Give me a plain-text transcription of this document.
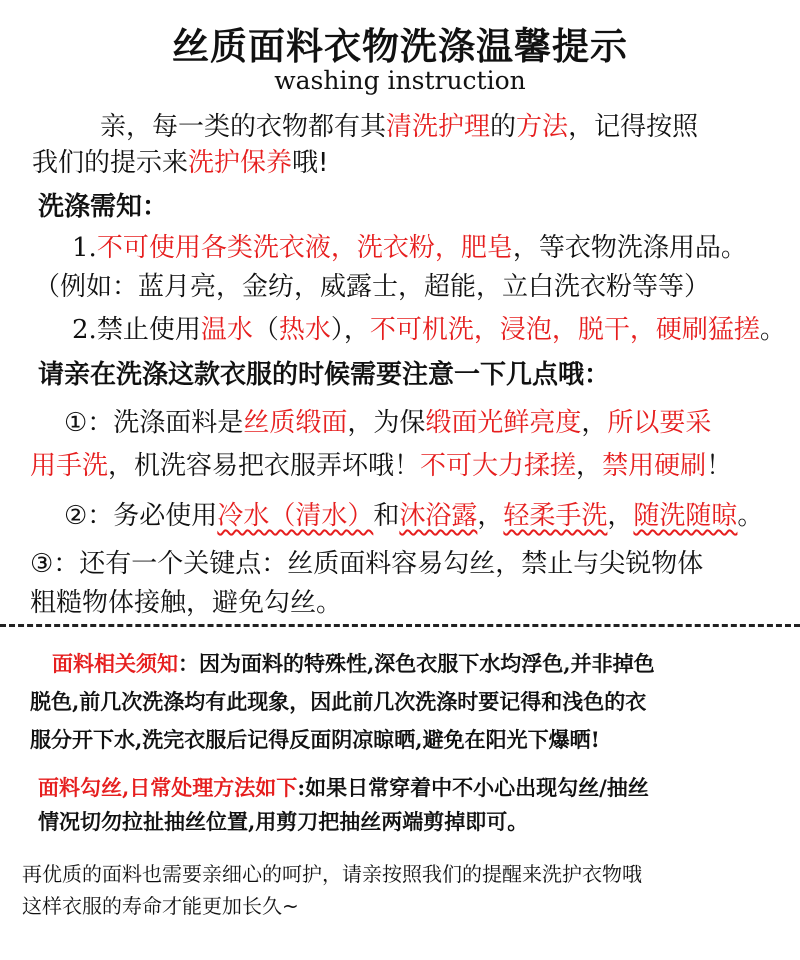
丝质面料衣物洗涤温馨提示
washing instruction
亲，每一类的衣物都有其清洗护理的方法，记得按照
我们的提示来洗护保养哦!
洗涤需知：
1.不可使用各类洗衣液，洗衣粉，肥皂，等衣物洗涤用品。
（例如：蓝月亮，金纺，威露士，超能，立白洗衣粉等等）
2.禁止使用温水（热水），不可机洗，浸泡，脱干，硬刷猛搓。
请亲在洗涤这款衣服的时候需要注意一下几点哦：
①：洗涤面料是丝质缎面，为保缎面光鲜亮度，所以要采
用手洗，机洗容易把衣服弄坏哦！不可大力揉搓，禁用硬刷！
②：务必使用冷水（清水）和沐浴露，轻柔手洗，随洗随晾。
③：还有一个关键点：丝质面料容易勾丝，禁止与尖锐物体
粗糙物体接触，避免勾丝。
面料相关须知：因为面料的特殊性,深色衣服下水均浮色,并非掉色
脱色,前几次洗涤均有此现象，因此前几次洗涤时要记得和浅色的衣
服分开下水,洗完衣服后记得反面阴凉晾晒,避免在阳光下爆晒!
面料勾丝,日常处理方法如下:如果日常穿着中不小心出现勾丝/抽丝
情况切勿拉扯抽丝位置,用剪刀把抽丝两端剪掉即可。
再优质的面料也需要亲细心的呵护，请亲按照我们的提醒来洗护衣物哦
这样衣服的寿命才能更加长久~
